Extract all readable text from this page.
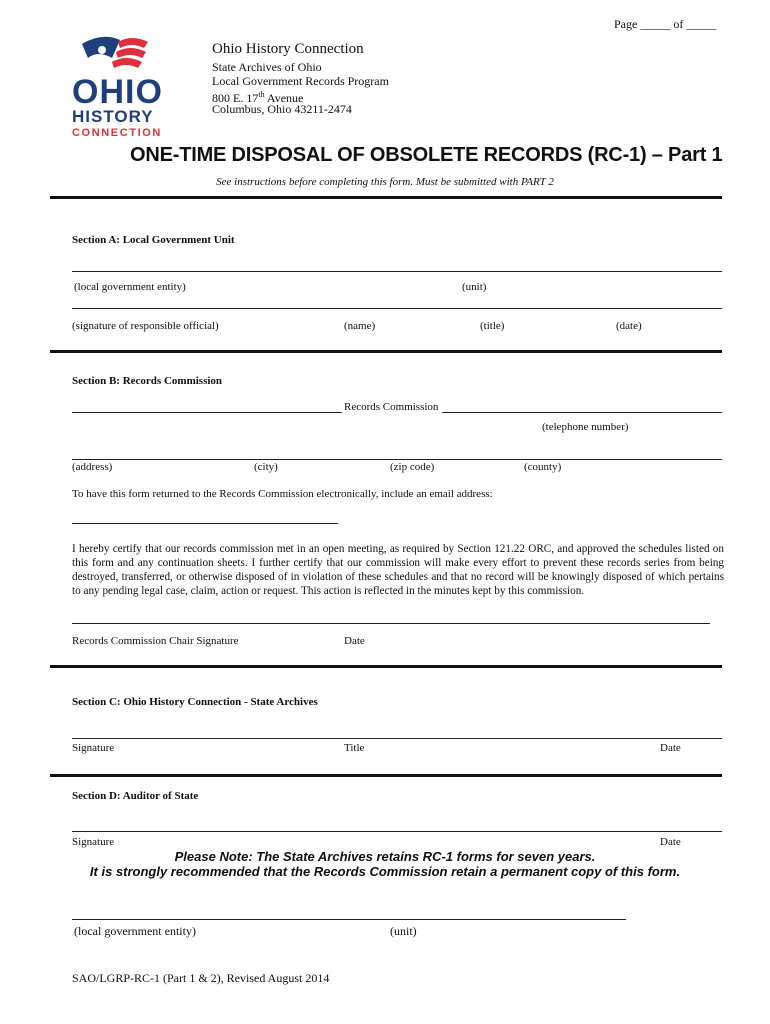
Page _____ of _____
OHIO
HISTORY
CONNECTION
Ohio History Connection
State Archives of Ohio
Local Government Records Program
800 E. 17th Avenue
Columbus, Ohio 43211-2474
ONE-TIME DISPOSAL OF OBSOLETE RECORDS (RC-1) – Part 1
See instructions before completing this form. Must be submitted with PART 2
Section A: Local Government Unit
(local government entity)	(unit)
(signature of responsible official)	(name)	(title)	(date)
Section B: Records Commission
Records Commission
(telephone number)
(address)	(city)	(zip code)	(county)
To have this form returned to the Records Commission electronically, include an email address:
I hereby certify that our records commission met in an open meeting, as required by Section 121.22 ORC, and approved the schedules listed on this form and any continuation sheets. I further certify that our commission will make every effort to prevent these records series from being destroyed, transferred, or otherwise disposed of in violation of these schedules and that no record will be knowingly disposed of which pertains to any pending legal case, claim, action or request. This action is reflected in the minutes kept by this commission.
Records Commission Chair Signature	Date
Section C: Ohio History Connection - State Archives
Signature	Title	Date
Section D: Auditor of State
Signature	Date
Please Note: The State Archives retains RC-1 forms for seven years.
It is strongly recommended that the Records Commission retain a permanent copy of this form.
(local government entity)	(unit)
SAO/LGRP-RC-1 (Part 1 & 2), Revised August 2014
